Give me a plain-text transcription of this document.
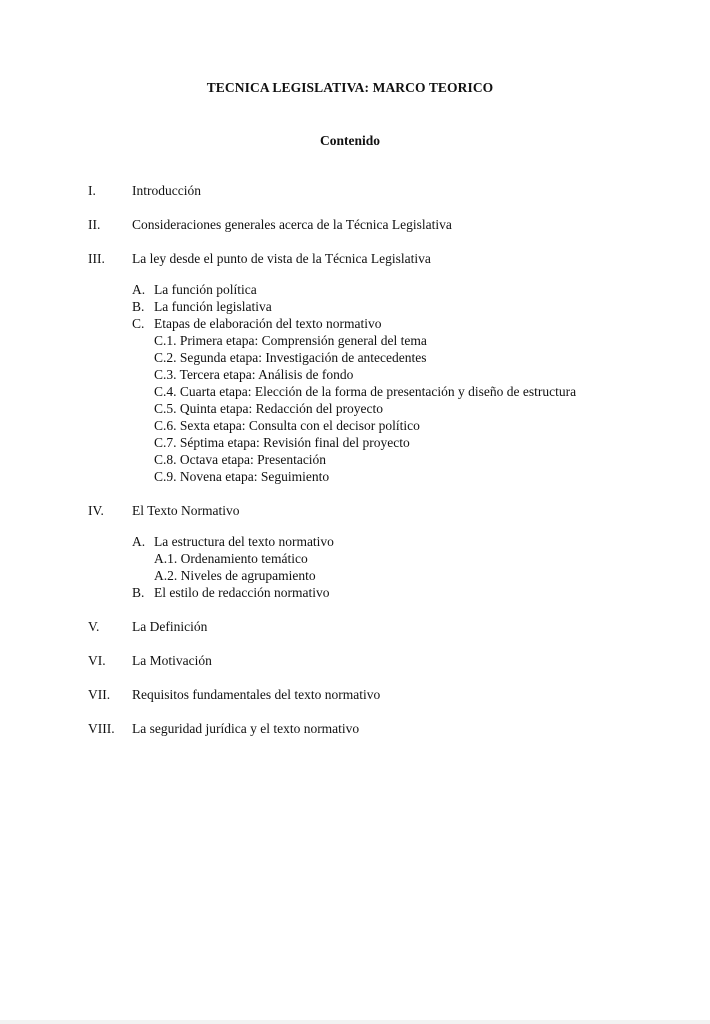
TECNICA LEGISLATIVA: MARCO TEORICO
Contenido
I.	Introducción
II. Consideraciones generales acerca de la Técnica Legislativa
III. La ley desde el punto de vista de la Técnica Legislativa
A. La función política
B. La función legislativa
C. Etapas de elaboración del texto normativo
C.1. Primera etapa: Comprensión general del tema
C.2. Segunda etapa: Investigación de antecedentes
C.3. Tercera etapa: Análisis de fondo
C.4. Cuarta etapa: Elección de la forma de presentación y diseño de estructura
C.5. Quinta etapa: Redacción del proyecto
C.6. Sexta etapa: Consulta con el decisor político
C.7. Séptima etapa: Revisión final del proyecto
C.8. Octava etapa: Presentación
C.9. Novena etapa: Seguimiento
IV. El Texto Normativo
A. La estructura del texto normativo
A.1. Ordenamiento temático
A.2. Niveles de agrupamiento
B. El estilo de redacción normativo
V. La Definición
VI. La Motivación
VII. Requisitos fundamentales del texto normativo
VIII. La seguridad jurídica y el texto normativo
